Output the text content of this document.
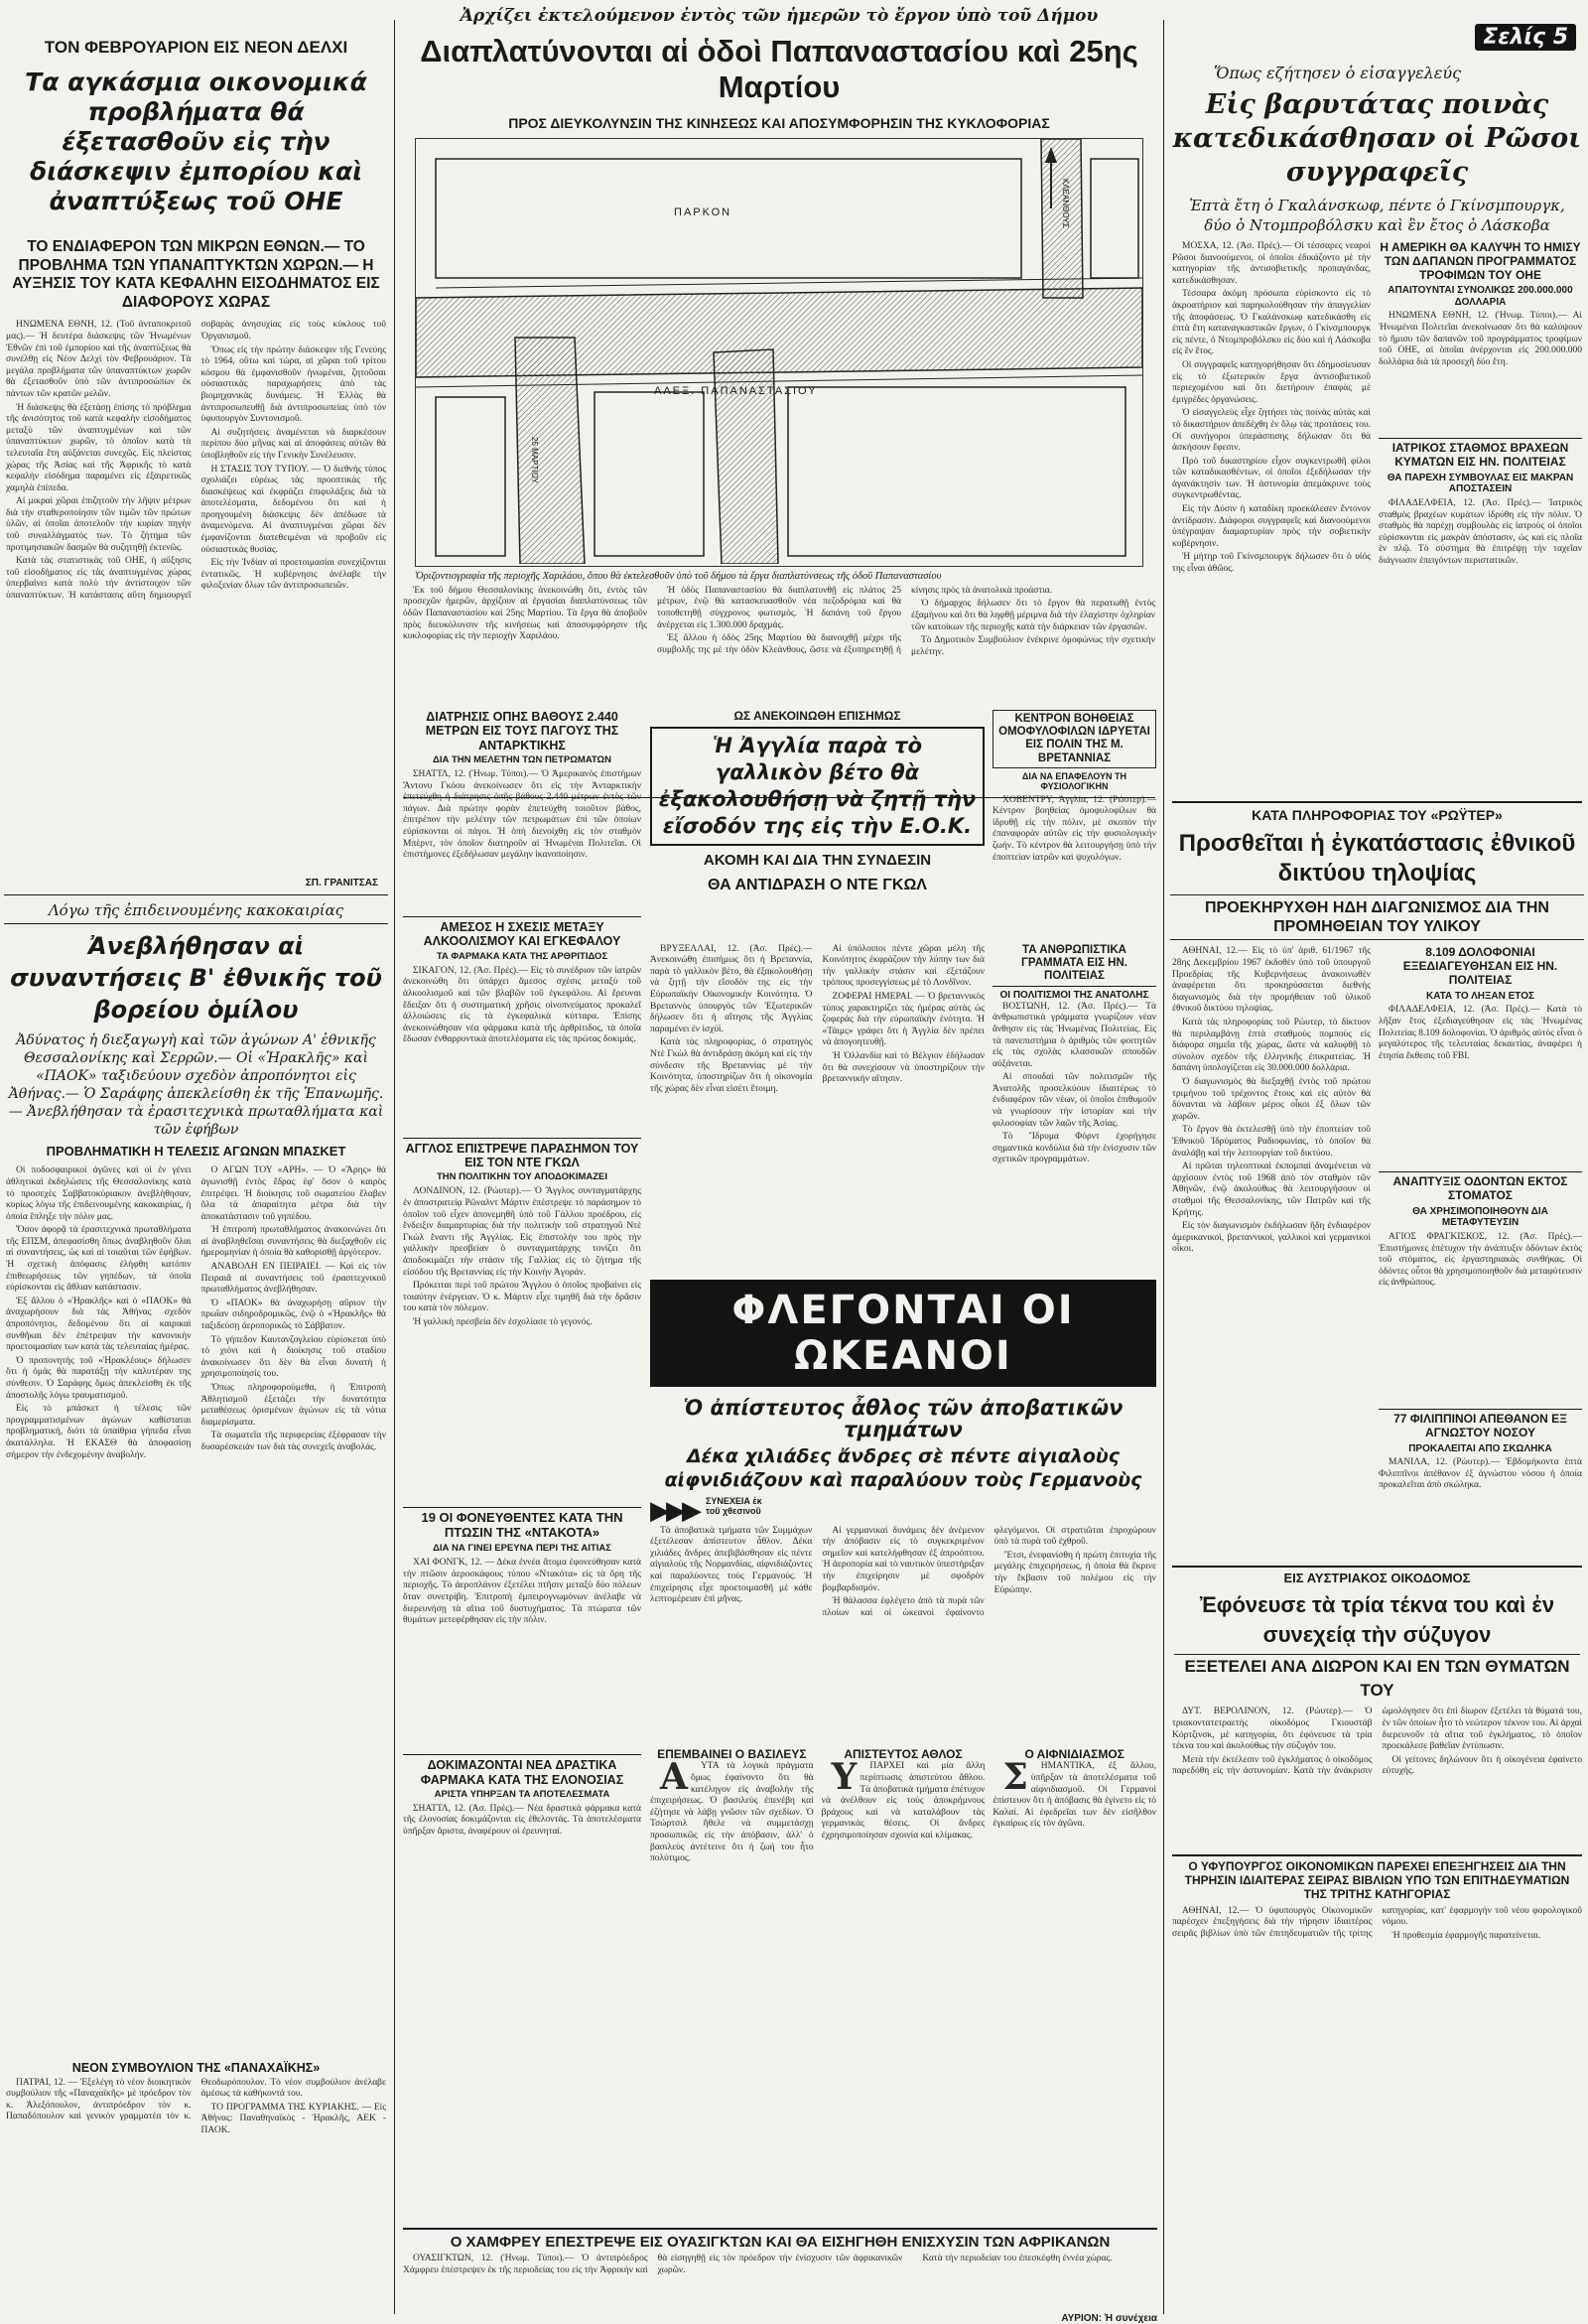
ΤΟΝ ΦΕΒΡΟΥΑΡΙΟΝ ΕΙΣ ΝΕΟΝ ΔΕΛΧΙ
Τα αγκάσμια οικονομικά προβλήματα θά έξετασθοῦν εἰς τὴν διάσκεψιν ἐμπορίου καὶ ἀναπτύξεως τοῦ ΟΗΕ
ΤΟ ΕΝΔΙΑΦΕΡΟΝ ΤΩΝ ΜΙΚΡΩΝ ΕΘΝΩΝ.— ΤΟ ΠΡΟΒΛΗΜΑ ΤΩΝ ΥΠΑΝΑΠΤΥΚΤΩΝ ΧΩΡΩΝ.— Η ΑΥΞΗΣΙΣ ΤΟΥ ΚΑΤΑ ΚΕΦΑΛΗΝ ΕΙΣΟΔΗΜΑΤΟΣ ΕΙΣ ΔΙΑΦΟΡΟΥΣ ΧΩΡΑΣ

ΗΝΩΜΕΝΑ ΕΘΝΗ, 12. (Τοῦ ἀνταποκριτοῦ μας).— Ἡ δευτέρα διάσκεψις τῶν Ἡνωμένων Ἐθνῶν ἐπὶ τοῦ ἐμπορίου καὶ τῆς ἀναπτύξεως θὰ συνέλθῃ εἰς Νέον Δελχί τὸν Φεβρουάριον. Τὰ μεγάλα προβλήματα τῶν ὑπαναπτύκτων χωρῶν θὰ ἐξετασθοῦν ὑπὸ τῶν ἀντιπροσώπων ἐκ πάντων τῶν κρατῶν μελῶν.

Ἡ διάσκεψις θὰ ἐξετάσῃ ἐπίσης τὸ πρόβλημα τῆς ἀνισότητος τοῦ κατὰ κεφαλὴν εἰσοδήματος μεταξὺ τῶν ἀναπτυγμένων καὶ τῶν ὑπαναπτύκτων χωρῶν, τὸ ὁποῖον κατὰ τὰ τελευταῖα ἔτη αὐξάνεται συνεχῶς. Εἰς πλείστας χώρας τῆς Ἀσίας καὶ τῆς Ἀφρικῆς τὸ κατὰ κεφαλὴν εἰσόδημα παραμένει εἰς ἐξαιρετικῶς χαμηλὰ ἐπίπεδα.

Αἱ μικραὶ χῶραι ἐπιζητοῦν τὴν λῆψιν μέτρων διὰ τὴν σταθεροποίησιν τῶν τιμῶν τῶν πρώτων ὑλῶν, αἱ ὁποῖαι ἀποτελοῦν τὴν κυρίαν πηγὴν τοῦ συναλλάγματός των. Τὸ ζήτημα τῶν προτιμησιακῶν δασμῶν θὰ συζητηθῇ ἐκτενῶς.

Κατὰ τὰς στατιστικὰς τοῦ ΟΗΕ, ἡ αὔξησις τοῦ εἰσοδήματος εἰς τὰς ἀναπτυγμένας χώρας ὑπερβαίνει κατὰ πολὺ τὴν ἀντίστοιχον τῶν ὑπαναπτύκτων. Ἡ κατάστασις αὕτη δημιουργεῖ σοβαρὰς ἀνησυχίας εἰς τοὺς κύκλους τοῦ Ὀργανισμοῦ.

Ὅπως εἰς τὴν πρώτην διάσκεψιν τῆς Γενεύης τὸ 1964, οὕτω καὶ τώρα, αἱ χῶραι τοῦ τρίτου κόσμου θὰ ἐμφανισθοῦν ἡνωμέναι, ζητοῦσαι οὐσιαστικὰς παραχωρήσεις ἀπὸ τὰς βιομηχανικὰς δυνάμεις. Ἡ Ἑλλὰς θὰ ἀντιπροσωπευθῇ διὰ ἀντιπροσωπείας ὑπὸ τὸν ὑφυπουργὸν Συντονισμοῦ.

Αἱ συζητήσεις ἀναμένεται νὰ διαρκέσουν περίπου δύο μῆνας καὶ αἱ ἀποφάσεις αὐτῶν θὰ ὑποβληθοῦν εἰς τὴν Γενικὴν Συνέλευσιν.

Η ΣΤΑΣΙΣ ΤΟΥ ΤΥΠΟΥ. — Ὁ διεθνὴς τύπος σχολιάζει εὐρέως τὰς προοπτικὰς τῆς διασκέψεως καὶ ἐκφράζει ἐπιφυλάξεις διὰ τὰ ἀποτελέσματα, δεδομένου ὅτι καὶ ἡ προηγουμένη διάσκεψις δὲν ἀπέδωσε τὰ ἀναμενόμενα. Αἱ ἀναπτυγμέναι χῶραι δὲν ἐμφανίζονται διατεθειμέναι νὰ προβοῦν εἰς οὐσιαστικὰς θυσίας.

Εἰς τὴν Ἰνδίαν αἱ προετοιμασίαι συνεχίζονται ἐντατικῶς. Ἡ κυβέρνησις ἀνέλαβε τὴν φιλοξενίαν ὅλων τῶν ἀντιπροσωπειῶν.

ΣΠ. ΓΡΑΝΙΤΣΑΣ
Λόγω τῆς ἐπιδεινουμένης κακοκαιρίας
Ἀνεβλήθησαν αἱ συναντήσεις Β' ἐθνικῆς τοῦ βορείου ὁμίλου
Ἀδύνατος ἡ διεξαγωγὴ καὶ τῶν ἀγώνων Α' ἐθνικῆς Θεσσαλονίκης καὶ Σερρῶν.— Οἱ «Ἡρακλῆς» καὶ «ΠΑΟΚ» ταξιδεύουν σχεδὸν ἀπροπόνητοι εἰς Ἀθήνας.— Ὁ Σαράφης ἀπεκλείσθη ἐκ τῆς Ἐπανωμῆς.— Ἀνεβλήθησαν τὰ ἐρασιτεχνικὰ πρωταθλήματα καὶ τῶν ἐφήβων
ΠΡΟΒΛΗΜΑΤΙΚΗ Η ΤΕΛΕΣΙΣ ΑΓΩΝΩΝ ΜΠΑΣΚΕΤ

Οἱ ποδοσφαιρικοὶ ἀγῶνες καὶ οἱ ἐν γένει ἀθλητικαὶ ἐκδηλώσεις τῆς Θεσσαλονίκης κατὰ τὸ προσεχὲς Σαββατοκύριακον ἀνεβλήθησαν, κυρίως λόγω τῆς ἐπιδεινουμένης κακοκαιρίας, ἡ ὁποία ἔπληξε τὴν πόλιν μας.

Ὅσον ἀφορᾷ τὰ ἐρασιτεχνικὰ πρωταθλήματα τῆς ΕΠΣΜ, ἀπεφασίσθη ὅπως ἀναβληθοῦν ὅλαι αἱ συναντήσεις, ὡς καὶ αἱ τοιαῦται τῶν ἐφήβων. Ἡ σχετικὴ ἀπόφασις ἐλήφθη κατόπιν ἐπιθεωρήσεως τῶν γηπέδων, τὰ ὁποῖα εὑρίσκονται εἰς ἄθλιαν κατάστασιν.

Ἐξ ἄλλου ὁ «Ἡρακλῆς» καὶ ὁ «ΠΑΟΚ» θὰ ἀναχωρήσουν διὰ τὰς Ἀθήνας σχεδὸν ἀπροπόνητοι, δεδομένου ὅτι αἱ καιρικαὶ συνθῆκαι δὲν ἐπέτρεψαν τὴν κανονικὴν προετοιμασίαν των κατὰ τὰς τελευταίας ἡμέρας.

Ὁ προπονητὴς τοῦ «Ἡρακλέους» δήλωσεν ὅτι ἡ ὁμὰς θὰ παρατάξῃ τὴν καλυτέραν της σύνθεσιν. Ὁ Σαράφης ὅμως ἀπεκλείσθη ἐκ τῆς ἀποστολῆς λόγω τραυματισμοῦ.

Εἰς τὸ μπάσκετ ἡ τέλεσις τῶν προγραμματισμένων ἀγώνων καθίσταται προβληματική, διότι τὰ ὑπαίθρια γήπεδα εἶναι ἀκατάλληλα. Ἡ ΕΚΑΣΘ θὰ ἀποφασίσῃ σήμερον τὴν ἐνδεχομένην ἀναβολήν.

Ο ΑΓΩΝ ΤΟΥ «ΑΡΗ». — Ὁ «Ἄρης» θὰ ἀγωνισθῇ ἐντὸς ἕδρας ἐφ' ὅσον ὁ καιρὸς ἐπιτρέψει. Ἡ διοίκησις τοῦ σωματείου ἔλαβεν ὅλα τὰ ἀπαραίτητα μέτρα διὰ τὴν ἀποκατάστασιν τοῦ γηπέδου.

Ἡ ἐπιτροπὴ πρωταθλήματος ἀνακοινώνει ὅτι αἱ ἀναβληθεῖσαι συναντήσεις θὰ διεξαχθοῦν εἰς ἡμερομηνίαν ἡ ὁποία θὰ καθορισθῇ ἀργότερον.

ΑΝΑΒΟΛΗ ΕΝ ΠΕΙΡΑΙΕΙ. — Καὶ εἰς τὸν Πειραιᾶ αἱ συναντήσεις τοῦ ἐρασιτεχνικοῦ πρωταθλήματος ἀνεβλήθησαν.

Ὁ «ΠΑΟΚ» θὰ ἀναχωρήσῃ αὔριον τὴν πρωΐαν σιδηροδρομικῶς, ἐνῷ ὁ «Ἡρακλῆς» θὰ ταξιδεύσῃ ἀεροπορικῶς τὸ Σάββατον.

Τὸ γήπεδον Καυτανζογλείου εὑρίσκεται ὑπὸ τὸ χιόνι καὶ ἡ διοίκησις τοῦ σταδίου ἀνακοίνωσεν ὅτι δὲν θὰ εἶναι δυνατὴ ἡ χρησιμοποίησίς του.

Ὅπως πληροφορούμεθα, ἡ Ἐπιτροπὴ Ἀθλητισμοῦ ἐξετάζει τὴν δυνατότητα μεταθέσεως ὁρισμένων ἀγώνων εἰς τὰ νότια διαμερίσματα.

Τὰ σωματεῖα τῆς περιφερείας ἐξέφρασαν τὴν δυσαρέσκειάν των διὰ τὰς συνεχεῖς ἀναβολάς.

ΝΕΟΝ ΣΥΜΒΟΥΛΙΟΝ ΤΗΣ «ΠΑΝΑΧΑΪΚΗΣ»

ΠΑΤΡΑΙ, 12. — Ἐξελέγη τὸ νέον διοικητικὸν συμβούλιον τῆς «Παναχαϊκῆς» μὲ πρόεδρον τὸν κ. Ἀλεξόπουλον, ἀντιπρόεδρον τὸν κ. Παπαδόπουλον καὶ γενικὸν γραμματέα τὸν κ. Θεοδωρόπουλον. Τὸ νέον συμβούλιον ἀνέλαβε ἀμέσως τὰ καθήκοντά του.

ΤΟ ΠΡΟΓΡΑΜΜΑ ΤΗΣ ΚΥΡΙΑΚΗΣ. — Εἰς Ἀθήνας: Παναθηναϊκὸς - Ἡρακλῆς, ΑΕΚ - ΠΑΟΚ.

Ἀρχίζει ἐκτελούμενον ἐντὸς τῶν ἡμερῶν τὸ ἔργον ὑπὸ τοῦ Δήμου
Διαπλατύνονται αἱ ὁδοὶ Παπαναστασίου καὶ 25ης Μαρτίου
ΠΡΟΣ ΔΙΕΥΚΟΛΥΝΣΙΝ ΤΗΣ ΚΙΝΗΣΕΩΣ ΚΑΙ ΑΠΟΣΥΜΦΟΡΗΣΙΝ ΤΗΣ ΚΥΚΛΟΦΟΡΙΑΣ
ΠΑΡΚΟΝ
ΑΛΕΞ. ΠΑΠΑΝΑΣΤΑΣΙΟΥ
ΚΛΕΑΝΘΟΥΣ
25 ΜΑΡΤΙΟΥ
Ὁριζοντιογραφία τῆς περιοχῆς Χαριλάου, ὅπου θὰ ἐκτελεσθοῦν ὑπὸ τοῦ δήμου τὰ ἔργα διαπλατύνσεως τῆς ὁδοῦ Παπαναστασίου

Ἐκ τοῦ δήμου Θεσσαλονίκης ἀνεκοινώθη ὅτι, ἐντὸς τῶν προσεχῶν ἡμερῶν, ἀρχίζουν αἱ ἐργασίαι διαπλατύνσεως τῶν ὁδῶν Παπαναστασίου καὶ 25ης Μαρτίου. Τὰ ἔργα θὰ ἀποβοῦν πρὸς διευκόλυνσιν τῆς κινήσεως καὶ ἀποσυμφόρησιν τῆς κυκλοφορίας εἰς τὴν περιοχὴν Χαριλάου.

Ἡ ὁδὸς Παπαναστασίου θὰ διαπλατυνθῇ εἰς πλάτος 25 μέτρων, ἐνῷ θὰ κατασκευασθοῦν νέα πεζοδρόμια καὶ θὰ τοποθετηθῇ σύγχρονος φωτισμός. Ἡ δαπάνη τοῦ ἔργου ἀνέρχεται εἰς 1.300.000 δραχμάς.

Ἐξ ἄλλου ἡ ὁδὸς 25ης Μαρτίου θὰ διανοιχθῇ μέχρι τῆς συμβολῆς της μὲ τὴν ὁδὸν Κλεάνθους, ὥστε νὰ ἐξυπηρετηθῇ ἡ κίνησις πρὸς τὰ ἀνατολικὰ προάστια.

Ὁ δήμαρχος δήλωσεν ὅτι τὸ ἔργον θὰ περατωθῇ ἐντὸς ἐξαμήνου καὶ ὅτι θὰ ληφθῇ μέριμνα διὰ τὴν ἐλαχίστην ὀχληρίαν τῶν κατοίκων τῆς περιοχῆς κατὰ τὴν διάρκειαν τῶν ἐργασιῶν.

Τὸ Δημοτικὸν Συμβούλιον ἐνέκρινε ὁμοφώνως τὴν σχετικὴν μελέτην.

ΔΙΑΤΡΗΣΙΣ ΟΠΗΣ ΒΑΘΟΥΣ 2.440 ΜΕΤΡΩΝ ΕΙΣ ΤΟΥΣ ΠΑΓΟΥΣ ΤΗΣ ΑΝΤΑΡΚΤΙΚΗΣ
ΔΙΑ ΤΗΝ ΜΕΛΕΤΗΝ ΤΩΝ ΠΕΤΡΩΜΑΤΩΝ

ΣΗΑΤΤΛ, 12. (Ἡνωμ. Τύποι).— Ὁ Ἀμερικανὸς ἐπιστήμων Ἄντονυ Γκόου ἀνεκοίνωσεν ὅτι εἰς τὴν Ἀνταρκτικὴν ἐπετεύχθη ἡ διάτρησις ὀπῆς βάθους 2.440 μέτρων ἐντὸς τῶν πάγων. Διὰ πρώτην φορὰν ἐπετεύχθη τοιοῦτον βάθος, ἐπιτρέπον τὴν μελέτην τῶν πετρωμάτων ἐπὶ τῶν ὁποίων εὑρίσκονται οἱ πάγοι. Ἡ ὀπὴ διενοίχθη εἰς τὸν σταθμὸν Μπὲρντ, τὸν ὁποῖον διατηροῦν αἱ Ἡνωμέναι Πολιτεῖαι. Οἱ ἐπιστήμονες ἐξεδήλωσαν μεγάλην ἱκανοποίησιν.

ΑΜΕΣΟΣ Η ΣΧΕΣΙΣ ΜΕΤΑΞΥ ΑΛΚΟΟΛΙΣΜΟΥ ΚΑΙ ΕΓΚΕΦΑΛΟΥ
ΤΑ ΦΑΡΜΑΚΑ ΚΑΤΑ ΤΗΣ ΑΡΘΡΙΤΙΔΟΣ

ΣΙΚΑΓΟΝ, 12. (Ἀσ. Πρές).— Εἰς τὸ συνέδριον τῶν ἰατρῶν ἀνεκοινώθη ὅτι ὑπάρχει ἄμεσος σχέσις μεταξὺ τοῦ ἀλκοολισμοῦ καὶ τῶν βλαβῶν τοῦ ἐγκεφάλου. Αἱ ἔρευναι ἔδειξαν ὅτι ἡ συστηματικὴ χρῆσις οἰνοπνεύματος προκαλεῖ ἀλλοιώσεις εἰς τὰ ἐγκεφαλικὰ κύτταρα. Ἐπίσης ἀνεκοινώθησαν νέα φάρμακα κατὰ τῆς ἀρθρίτιδος, τὰ ὁποῖα ἔδωσαν ἐνθαρρυντικὰ ἀποτελέσματα εἰς τὰς πρώτας δοκιμάς.

ΑΓΓΛΟΣ ΕΠΙΣΤΡΕΨΕ ΠΑΡΑΣΗΜΟΝ ΤΟΥ ΕΙΣ ΤΟΝ ΝΤΕ ΓΚΩΛ
ΤΗΝ ΠΟΛΙΤΙΚΗΝ ΤΟΥ ΑΠΟΔΟΚΙΜΑΖΕΙ

ΛΟΝΔΙΝΟΝ, 12. (Ρώυτερ).— Ὁ Ἄγγλος συνταγματάρχης ἐν ἀποστρατείᾳ Ρῶναλντ Μάρτιν ἐπέστρεψε τὸ παράσημον τὸ ὁποῖον τοῦ εἶχεν ἀπονεμηθῆ ὑπὸ τοῦ Γάλλου προέδρου, εἰς ἔνδειξιν διαμαρτυρίας διὰ τὴν πολιτικὴν τοῦ στρατηγοῦ Ντὲ Γκὼλ ἔναντι τῆς Ἀγγλίας. Εἰς ἐπιστολήν του πρὸς τὴν γαλλικὴν πρεσβείαν ὁ συνταγματάρχης τονίζει ὅτι ἀποδοκιμάζει τὴν στάσιν τῆς Γαλλίας εἰς τὸ ζήτημα τῆς εἰσόδου τῆς Βρεταννίας εἰς τὴν Κοινὴν Ἀγοράν.

Πρόκειται περὶ τοῦ πρώτου Ἄγγλου ὁ ὁποῖος προβαίνει εἰς τοιαύτην ἐνέργειαν. Ὁ κ. Μάρτιν εἶχε τιμηθῆ διὰ τὴν δρᾶσιν του κατὰ τὸν πόλεμον.

Ἡ γαλλικὴ πρεσβεία δὲν ἐσχολίασε τὸ γεγονός.

19 ΟΙ ΦΟΝΕΥΘΕΝΤΕΣ ΚΑΤΑ ΤΗΝ ΠΤΩΣΙΝ ΤΗΣ «ΝΤΑΚΟΤΑ»
ΔΙΑ ΝΑ ΓΙΝΕΙ ΕΡΕΥΝΑ ΠΕΡΙ ΤΗΣ ΑΙΤΙΑΣ

ΧΑΙ ΦΟΝΓΚ, 12. — Δέκα ἐννέα ἄτομα ἐφονεύθησαν κατὰ τὴν πτῶσιν ἀεροσκάφους τύπου «Ντακότα» εἰς τὰ ὄρη τῆς περιοχῆς. Τὸ ἀεροπλάνον ἐξετέλει πτῆσιν μεταξὺ δύο πόλεων ὅταν συνετρίβη. Ἐπιτροπὴ ἐμπειρογνωμόνων ἀνέλαβε νὰ διερευνήσῃ τὰ αἴτια τοῦ δυστυχήματος. Τὰ πτώματα τῶν θυμάτων μετεφέρθησαν εἰς τὴν πόλιν.

ΔΟΚΙΜΑΖΟΝΤΑΙ ΝΕΑ ΔΡΑΣΤΙΚΑ ΦΑΡΜΑΚΑ ΚΑΤΑ ΤΗΣ ΕΛΟΝΟΣΙΑΣ
ΑΡΙΣΤΑ ΥΠΗΡΞΑΝ ΤΑ ΑΠΟΤΕΛΕΣΜΑΤΑ

ΣΗΑΤΤΛ, 12. (Ἀσ. Πρές).— Νέα δραστικὰ φάρμακα κατὰ τῆς ἑλονοσίας δοκιμάζονται εἰς ἐθελοντάς. Τὰ ἀποτελέσματα ὑπῆρξαν ἄριστα, ἀναφέρουν οἱ ἐρευνηταί.

ΩΣ ΑΝΕΚΟΙΝΩΘΗ ΕΠΙΣΗΜΩΣ
Ἡ Ἀγγλία παρὰ τὸ γαλλικὸν βέτο θὰ ἐξακολουθήσῃ νὰ ζητῇ τὴν εἴσοδόν της εἰς τὴν Ε.Ο.Κ.
ΑΚΟΜΗ ΚΑΙ ΔΙΑ ΤΗΝ ΣΥΝΔΕΣΙΝ
ΘΑ ΑΝΤΙΔΡΑΣΗ Ο ΝΤΕ ΓΚΩΛ
ΚΕΝΤΡΟΝ ΒΟΗΘΕΙΑΣ ΟΜΟΦΥΛΟΦΙΛΩΝ ΙΔΡΥΕΤΑΙ ΕΙΣ ΠΟΛΙΝ ΤΗΣ Μ. ΒΡΕΤΑΝΝΙΑΣ
ΔΙΑ ΝΑ ΕΠΑΦΕΛΟΥΝ ΤΗ ΦΥΣΙΟΛΟΓΙΚΗΝ

ΧΟΒΕΝΤΡΥ, Ἀγγλία, 12. (Ρώυτερ).— Κέντρον βοηθείας ὁμοφυλοφίλων θὰ ἱδρυθῇ εἰς τὴν πόλιν, μὲ σκοπὸν τὴν ἐπαναφορὰν αὐτῶν εἰς τὴν φυσιολογικὴν ζωήν. Τὸ κέντρον θὰ λειτουργήσῃ ὑπὸ τὴν ἐποπτείαν ἰατρῶν καὶ ψυχολόγων.

ΒΡΥΞΕΛΛΑΙ, 12. (Ἀσ. Πρές).— Ἀνεκοινώθη ἐπισήμως ὅτι ἡ Βρεταννία, παρὰ τὸ γαλλικὸν βέτο, θὰ ἐξακολουθήσῃ νὰ ζητῇ τὴν εἴσοδόν της εἰς τὴν Εὐρωπαϊκὴν Οἰκονομικὴν Κοινότητα. Ὁ Βρεταννὸς ὑπουργὸς τῶν Ἐξωτερικῶν δήλωσεν ὅτι ἡ αἴτησις τῆς Ἀγγλίας παραμένει ἐν ἰσχύϊ.

Κατὰ τὰς πληροφορίας, ὁ στρατηγὸς Ντὲ Γκὼλ θὰ ἀντιδράσῃ ἀκόμη καὶ εἰς τὴν σύνδεσιν τῆς Βρεταννίας μὲ τὴν Κοινότητα, ὑποστηρίζων ὅτι ἡ οἰκονομία τῆς χώρας δὲν εἶναι εἰσέτι ἕτοιμη.

Αἱ ὑπόλοιποι πέντε χῶραι μέλη τῆς Κοινότητος ἐκφράζουν τὴν λύπην των διὰ τὴν γαλλικὴν στάσιν καὶ ἐξετάζουν τρόπους προσεγγίσεως μὲ τὸ Λονδῖνον.

ΖΟΦΕΡΑΙ ΗΜΕΡΑΙ. — Ὁ βρεταννικὸς τύπος χαρακτηρίζει τὰς ἡμέρας αὐτὰς ὡς ζοφεράς διὰ τὴν εὐρωπαϊκὴν ἑνότητα. Ἡ «Τάιμς» γράφει ὅτι ἡ Ἀγγλία δὲν πρέπει νὰ ἀπογοητευθῇ.

Ἡ Ὁλλανδία καὶ τὸ Βέλγιον ἐδήλωσαν ὅτι θὰ συνεχίσουν νὰ ὑποστηρίζουν τὴν βρεταννικὴν αἴτησιν.

ΤΑ ΑΝΘΡΩΠΙΣΤΙΚΑ ΓΡΑΜΜΑΤΑ ΕΙΣ ΗΝ. ΠΟΛΙΤΕΙΑΣ
ΟΙ ΠΟΛΙΤΙΣΜΟΙ ΤΗΣ ΑΝΑΤΟΛΗΣ

ΒΟΣΤΩΝΗ, 12. (Ἀσ. Πρές).— Τὰ ἀνθρωπιστικὰ γράμματα γνωρίζουν νέαν ἄνθησιν εἰς τὰς Ἡνωμένας Πολιτείας. Εἰς τὰ πανεπιστήμια ὁ ἀριθμὸς τῶν φοιτητῶν εἰς τὰς σχολὰς κλασσικῶν σπουδῶν αὐξάνεται.

Αἱ σπουδαὶ τῶν πολιτισμῶν τῆς Ἀνατολῆς προσελκύουν ἰδιαιτέρως τὸ ἐνδιαφέρον τῶν νέων, οἱ ὁποῖοι ἐπιθυμοῦν νὰ γνωρίσουν τὴν ἱστορίαν καὶ τὴν φιλοσοφίαν τῶν λαῶν τῆς Ἀσίας.

Τὸ Ἵδρυμα Φόρντ ἐχορήγησε σημαντικὰ κονδύλια διὰ τὴν ἐνίσχυσιν τῶν σχετικῶν προγραμμάτων.

ΦΛΕΓΟΝΤΑΙ ΟΙ ΩΚΕΑΝΟΙ
Ὁ ἀπίστευτος ἆθλος τῶν ἀποβατικῶν τμημάτων
Δέκα χιλιάδες ἄνδρες σὲ πέντε αἰγιαλοὺς αἰφνιδιάζουν καὶ παραλύουν τοὺς Γερμανοὺς
▶▶▶ ΣΥΝΕΧΕΙΑ ἐκ τοῦ χθεσινοῦ

Τὰ ἀποβατικὰ τμήματα τῶν Συμμάχων ἐξετέλεσαν ἀπίστευτον ἆθλον. Δέκα χιλιάδες ἄνδρες ἀπεβιβάσθησαν εἰς πέντε αἰγιαλοὺς τῆς Νορμανδίας, αἰφνιδιάζοντες καὶ παραλύοντες τοὺς Γερμανούς. Ἡ ἐπιχείρησις εἶχε προετοιμασθῆ μὲ κάθε λεπτομέρειαν ἐπὶ μῆνας.

Αἱ γερμανικαὶ δυνάμεις δὲν ἀνέμενον τὴν ἀπόβασιν εἰς τὸ συγκεκριμένον σημεῖον καὶ κατελήφθησαν ἐξ ἀπροόπτου. Ἡ ἀεροπορία καὶ τὸ ναυτικὸν ὑπεστήριξαν τὴν ἐπιχείρησιν μὲ σφοδρὸν βομβαρδισμόν.

Ἡ θάλασσα ἐφλέγετο ἀπὸ τὰ πυρὰ τῶν πλοίων καὶ οἱ ὠκεανοὶ ἐφαίνοντο φλεγόμενοι. Οἱ στρατιῶται ἐπροχώρουν ὑπὸ τὰ πυρὰ τοῦ ἐχθροῦ.

Ἔτσι, ἐνεφανίσθη ἡ πρώτη ἐπιτυχία τῆς μεγάλης ἐπιχειρήσεως, ἡ ὁποία θὰ ἔκρινε τὴν ἔκβασιν τοῦ πολέμου εἰς τὴν Εὐρώπην.

ΕΠΕΜΒΑΙΝΕΙ Ο ΒΑΣΙΛΕΥΣ

Α	ΥΤΑ τὰ λογικὰ πράγματα ὅμως ἐφαίνοντο ὅτι θὰ κατέληγον εἰς ἀναβολὴν τῆς ἐπιχειρήσεως. Ὁ βασιλεὺς ἐπενέβη καὶ ἐζήτησε νὰ λάβῃ γνῶσιν τῶν σχεδίων. Ὁ Τσώρτσιλ ἤθελε νὰ συμμετάσχῃ προσωπικῶς εἰς τὴν ἀπόβασιν, ἀλλ' ὁ βασιλεὺς ἀντέτεινε ὅτι ἡ ζωή του ἦτο πολύτιμος.

ΑΠΙΣΤΕΥΤΟΣ ΑΘΛΟΣ

Υ	ΠΑΡΧΕΙ καὶ μία ἄλλη περίπτωσις ἀπιστεύτου ἄθλου. Τὰ ἀποβατικὰ τμήματα ἐπέτυχον νὰ ἀνέλθουν εἰς τοὺς ἀποκρήμνους βράχους καὶ νὰ καταλάβουν τὰς γερμανικὰς θέσεις. Οἱ ἄνδρες ἐχρησιμοποίησαν σχοινία καὶ κλίμακας.

Ο ΑΙΦΝΙΔΙΑΣΜΟΣ

Σ	ΗΜΑΝΤΙΚΑ, ἐξ ἄλλου, ὑπῆρξαν τὰ ἀποτελέσματα τοῦ αἰφνιδιασμοῦ. Οἱ Γερμανοὶ ἐπίστευον ὅτι ἡ ἀπόβασις θὰ ἐγίνετο εἰς τὸ Καλαί. Αἱ ἐφεδρεῖαι των δὲν εἰσῆλθον ἐγκαίρως εἰς τὸν ἀγῶνα.

Ο ΧΑΜΦΡΕΥ ΕΠΕΣΤΡΕΨΕ ΕΙΣ ΟΥΑΣΙΓΚΤΩΝ ΚΑΙ ΘΑ ΕΙΣΗΓΗΘΗ ΕΝΙΣΧΥΣΙΝ ΤΩΝ ΑΦΡΙΚΑΝΩΝ

ΟΥΑΣΙΓΚΤΩΝ, 12. (Ἡνωμ. Τύποι).— Ὁ ἀντιπρόεδρος Χάμφρευ ἐπέστρεψεν ἐκ τῆς περιοδείας του εἰς τὴν Ἀφρικὴν καὶ θὰ εἰσηγηθῇ εἰς τὸν πρόεδρον τὴν ἐνίσχυσιν τῶν ἀφρικανικῶν χωρῶν.

Κατὰ τὴν περιοδείαν του ἐπεσκέφθη ἐννέα χώρας.

ΑΥΡΙΟΝ: Ἡ συνέχεια
Σελίς 5
Ὅπως εζήτησεν ὁ εἰσαγγελεύς
Εἰς βαρυτάτας ποινὰς κατεδικάσθησαν οἱ Ρῶσοι συγγραφεῖς
Ἑπτὰ ἔτη ὁ Γκαλάνσκωφ, πέντε ὁ Γκίνσμπουργκ, δύο ὁ Ντομπροβόλσκυ καὶ ἓν ἔτος ὁ Λάσκοβα

ΜΟΣΧΑ, 12. (Ἀσ. Πρές).— Οἱ τέσσαρες νεαροὶ Ρῶσοι διανοούμενοι, οἱ ὁποῖοι ἐδικάζοντο μὲ τὴν κατηγορίαν τῆς ἀντισοβιετικῆς προπαγάνδας, κατεδικάσθησαν.

Τέσσαρα ἀκόμη πρόσωπα εὑρίσκοντο εἰς τὸ ἀκροατήριον καὶ παρηκολούθησαν τὴν ἀπαγγελίαν τῆς ἀποφάσεως. Ὁ Γκαλάνσκωφ κατεδικάσθη εἰς ἑπτὰ ἔτη καταναγκαστικῶν ἔργων, ὁ Γκίνσμπουργκ εἰς πέντε, ὁ Ντομπροβόλσκυ εἰς δύο καὶ ἡ Λάσκοβα εἰς ἓν ἔτος.

Οἱ συγγραφεῖς κατηγορήθησαν ὅτι ἐδημοσίευσαν εἰς τὸ ἐξωτερικὸν ἔργα ἀντισοβιετικοῦ περιεχομένου καὶ ὅτι διετήρουν ἐπαφὰς μὲ ἐμιγρέδες ὀργανώσεις.

Ὁ εἰσαγγελεὺς εἶχε ζητήσει τὰς ποινὰς αὐτὰς καὶ τὸ δικαστήριον ἀπεδέχθη ἐν ὅλῳ τὰς προτάσεις του. Οἱ συνήγοροι ὑπεράσπισης δήλωσαν ὅτι θὰ ἀσκήσουν ἔφεσιν.

Πρὸ τοῦ δικαστηρίου εἶχον συγκεντρωθῆ φίλοι τῶν καταδικασθέντων, οἱ ὁποῖοι ἐξεδήλωσαν τὴν ἀγανάκτησίν των. Ἡ ἀστυνομία ἀπεμάκρυνε τοὺς συγκεντρωθέντας.

Εἰς τὴν Δύσιν ἡ καταδίκη προεκάλεσεν ἔντονον ἀντίδρασιν. Διάφοροι συγγραφεῖς καὶ διανοούμενοι ὑπέγραψαν διαμαρτυρίαν πρὸς τὴν σοβιετικὴν κυβέρνησιν.

Ἡ μήτηρ τοῦ Γκίνσμπουργκ δήλωσεν ὅτι ὁ υἱός της εἶναι ἀθῶος.

Η ΑΜΕΡΙΚΗ ΘΑ ΚΑΛΥΨΗ ΤΟ ΗΜΙΣΥ ΤΩΝ ΔΑΠΑΝΩΝ ΠΡΟΓΡΑΜΜΑΤΟΣ ΤΡΟΦΙΜΩΝ ΤΟΥ ΟΗΕ
ΑΠΑΙΤΟΥΝΤΑΙ ΣΥΝΟΛΙΚΩΣ 200.000.000 ΔΟΛΛΑΡΙΑ

ΗΝΩΜΕΝΑ ΕΘΝΗ, 12. (Ἡνωμ. Τύποι).— Αἱ Ἡνωμέναι Πολιτεῖαι ἀνεκοίνωσαν ὅτι θὰ καλύψουν τὸ ἥμισυ τῶν δαπανῶν τοῦ προγράμματος τροφίμων τοῦ ΟΗΕ, αἱ ὁποῖαι ἀνέρχονται εἰς 200.000.000 δολλάρια διὰ τὰ προσεχῆ δύο ἔτη.

ΙΑΤΡΙΚΟΣ ΣΤΑΘΜΟΣ ΒΡΑΧΕΩΝ ΚΥΜΑΤΩΝ ΕΙΣ ΗΝ. ΠΟΛΙΤΕΙΑΣ
ΘΑ ΠΑΡΕΧΗ ΣΥΜΒΟΥΛΑΣ ΕΙΣ ΜΑΚΡΑΝ ΑΠΟΣΤΑΣΕΙΝ

ΦΙΛΑΔΕΛΦΕΙΑ, 12. (Ἀσ. Πρές).— Ἰατρικὸς σταθμὸς βραχέων κυμάτων ἱδρύθη εἰς τὴν πόλιν. Ὁ σταθμὸς θὰ παρέχῃ συμβουλὰς εἰς ἰατροὺς οἱ ὁποῖοι εὑρίσκονται εἰς μακρὰν ἀπόστασιν, ὡς καὶ εἰς πλοῖα ἐν πλῷ. Τὸ σύστημα θὰ ἐπιτρέψῃ τὴν ταχεῖαν διάγνωσιν ἐπειγόντων περιστατικῶν.

ΚΑΤΑ ΠΛΗΡΟΦΟΡΙΑΣ ΤΟΥ «ΡΩΫΤΕΡ»
Προσθεῖται ἡ ἐγκατάστασις ἐθνικοῦ δικτύου τηλοψίας
ΠΡΟΕΚΗΡΥΧΘΗ ΗΔΗ ΔΙΑΓΩΝΙΣΜΟΣ ΔΙΑ ΤΗΝ ΠΡΟΜΗΘΕΙΑΝ ΤΟΥ ΥΛΙΚΟΥ

ΑΘΗΝΑΙ, 12.— Εἰς τὸ ὑπ' ἀριθ. 61/1967 τῆς 28ης Δεκεμβρίου 1967 ἐκδοθὲν ὑπὸ τοῦ ὑπουργοῦ Προεδρίας τῆς Κυβερνήσεως ἀνακοινωθὲν ἀναφέρεται ὅτι προκηρύσσεται διεθνὴς διαγωνισμὸς διὰ τὴν προμήθειαν τοῦ ὑλικοῦ ἐθνικοῦ δικτύου τηλοψίας.

Κατὰ τὰς πληροφορίας τοῦ Ρώυτερ, τὸ δίκτυον θὰ περιλαμβάνῃ ἑπτὰ σταθμοὺς πομποὺς εἰς διάφορα σημεῖα τῆς χώρας, ὥστε νὰ καλυφθῇ τὸ σύνολον σχεδὸν τῆς ἑλληνικῆς ἐπικρατείας. Ἡ δαπάνη ὑπολογίζεται εἰς 30.000.000 δολλάρια.

Ὁ διαγωνισμὸς θὰ διεξαχθῇ ἐντὸς τοῦ πρώτου τριμήνου τοῦ τρέχοντος ἔτους καὶ εἰς αὐτὸν θὰ δύνανται νὰ λάβουν μέρος οἶκοι ἐξ ὅλων τῶν χωρῶν.

Τὸ ἔργον θὰ ἐκτελεσθῇ ὑπὸ τὴν ἐποπτείαν τοῦ Ἐθνικοῦ Ἱδρύματος Ραδιοφωνίας, τὸ ὁποῖον θὰ ἀναλάβῃ καὶ τὴν λειτουργίαν τοῦ δικτύου.

Αἱ πρῶται τηλεοπτικαὶ ἐκπομπαὶ ἀναμένεται νὰ ἀρχίσουν ἐντὸς τοῦ 1968 ἀπὸ τὸν σταθμὸν τῶν Ἀθηνῶν, ἐνῷ ἀκολούθως θὰ λειτουργήσουν οἱ σταθμοὶ τῆς Θεσσαλονίκης, τῶν Πατρῶν καὶ τῆς Κρήτης.

Εἰς τὸν διαγωνισμὸν ἐκδήλωσαν ἤδη ἐνδιαφέρον ἀμερικανικοί, βρεταννικοί, γαλλικοὶ καὶ γερμανικοὶ οἶκοι.

8.109 ΔΟΛΟΦΟΝΙΑΙ ΕΞΕΔΙΑΓΕΥΘΗΣΑΝ ΕΙΣ ΗΝ. ΠΟΛΙΤΕΙΑΣ
ΚΑΤΑ ΤΟ ΛΗΞΑΝ ΕΤΟΣ

ΦΙΛΑΔΕΛΦΕΙΑ, 12. (Ἀσ. Πρές).— Κατὰ τὸ λῆξαν ἔτος ἐξεδιαγεύθησαν εἰς τὰς Ἡνωμένας Πολιτείας 8.109 δολοφονίαι. Ὁ ἀριθμὸς αὐτὸς εἶναι ὁ μεγαλύτερος τῆς τελευταίας δεκαετίας, ἀναφέρει ἡ ἐτησία ἔκθεσις τοῦ FBI.

ΑΝΑΠΤΥΞΙΣ ΟΔΟΝΤΩΝ ΕΚΤΟΣ ΣΤΟΜΑΤΟΣ
ΘΑ ΧΡΗΣΙΜΟΠΟΙΗΘΟΥΝ ΔΙΑ ΜΕΤΑΦΥΤΕΥΣΙΝ

ΑΓΙΟΣ ΦΡΑΓΚΙΣΚΟΣ, 12. (Ἀσ. Πρές).— Ἐπιστήμονες ἐπέτυχον τὴν ἀνάπτυξιν ὀδόντων ἐκτὸς τοῦ στόματος, εἰς ἐργαστηριακὰς συνθήκας. Οἱ ὀδόντες οὗτοι θὰ χρησιμοποιηθοῦν διὰ μεταφύτευσιν εἰς ἀνθρώπους.

77 ΦΙΛΙΠΠΙΝΟΙ ΑΠΕΘΑΝΟΝ ΕΞ ΑΓΝΩΣΤΟΥ ΝΟΣΟΥ
ΠΡΟΚΑΛΕΙΤΑΙ ΑΠΟ ΣΚΩΛΗΚΑ

ΜΑΝΙΛΑ, 12. (Ρώυτερ).— Ἑβδομήκοντα ἑπτὰ Φιλιππῖνοι ἀπέθανον ἐξ ἀγνώστου νόσου ἡ ὁποία προκαλεῖται ἀπὸ σκώληκα.

ΕΙΣ ΑΥΣΤΡΙΑΚΟΣ ΟΙΚΟΔΟΜΟΣ
Ἐφόνευσε τὰ τρία τέκνα του καὶ ἐν συνεχείᾳ τὴν σύζυγον
ΕΞΕΤΕΛΕΙ ΑΝΑ ΔΙΩΡΟΝ ΚΑΙ ΕΝ ΤΩΝ ΘΥΜΑΤΩΝ ΤΟΥ

ΔΥΤ. ΒΕΡΟΛΙΝΟΝ, 12. (Ρώυτερ).— Ὁ τριακοντατετραετὴς οἰκοδόμος Γκιουστάβ Κόρτζινσκ, μὲ κατηγορία, ὅτι ἐφόνευσε τὰ τρία τέκνα του καὶ ἀκολούθως τὴν σύζυγόν του.

Μετὰ τὴν ἐκτέλεσιν τοῦ ἐγκλήματος ὁ οἰκοδόμος παρεδόθη εἰς τὴν ἀστυνομίαν. Κατὰ τὴν ἀνάκρισιν ὡμολόγησεν ὅτι ἐπὶ δίωρον ἐξετέλει τὰ θύματά του, ἐν τῶν ὁποίων ἦτο τὸ νεώτερον τέκνον του. Αἱ ἀρχαὶ διερευνοῦν τὰ αἴτια τοῦ ἐγκλήματος, τὸ ὁποῖον προεκάλεσε βαθεῖαν ἐντύπωσιν.

Οἱ γείτονες δηλώνουν ὅτι ἡ οἰκογένεια ἐφαίνετο εὐτυχής.

Ο ΥΦΥΠΟΥΡΓΟΣ ΟΙΚΟΝΟΜΙΚΩΝ ΠΑΡΕΧΕΙ ΕΠΕΞΗΓΗΣΕΙΣ ΔΙΑ ΤΗΝ ΤΗΡΗΣΙΝ ΙΔΙΑΙΤΕΡΑΣ ΣΕΙΡΑΣ ΒΙΒΛΙΩΝ ΥΠΟ ΤΩΝ ΕΠΙΤΗΔΕΥΜΑΤΙΩΝ ΤΗΣ ΤΡΙΤΗΣ ΚΑΤΗΓΟΡΙΑΣ

ΑΘΗΝΑΙ, 12.— Ὁ ὑφυπουργὸς Οἰκονομικῶν παρέσχεν ἐπεξηγήσεις διὰ τὴν τήρησιν ἰδιαιτέρας σειρᾶς βιβλίων ὑπὸ τῶν ἐπιτηδευματιῶν τῆς τρίτης κατηγορίας, κατ' ἐφαρμογὴν τοῦ νέου φορολογικοῦ νόμου.

Ἡ προθεσμία ἐφαρμογῆς παρατείνεται.
